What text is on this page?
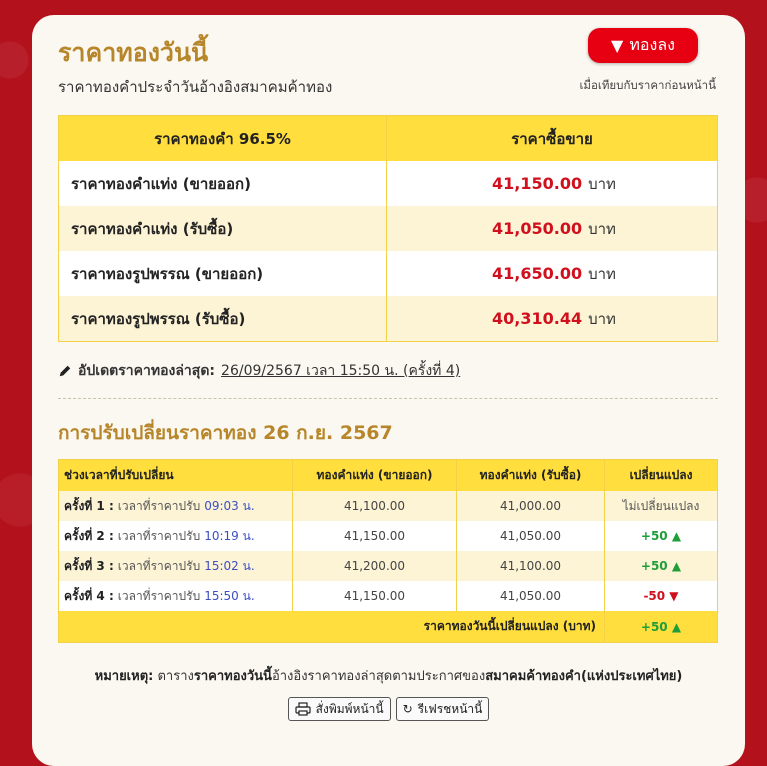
ราคาทองวันนี้

ราคาทองคำประจำวันอ้างอิงสมาคมค้าทอง

▼ ทองลง
เมื่อเทียบกับราคาก่อนหน้านี้
ราคาทองคำ 96.5%	ราคาซื้อขาย
ราคาทองคำแท่ง (ขายออก)	41,150.00 บาท
ราคาทองคำแท่ง (รับซื้อ)	41,050.00 บาท
ราคาทองรูปพรรณ (ขายออก)	41,650.00 บาท
ราคาทองรูปพรรณ (รับซื้อ)	40,310.44 บาท
อัปเดตราคาทองล่าสุด: 26/09/2567 เวลา 15:50 น. (ครั้งที่ 4)
การปรับเปลี่ยนราคาทอง 26 ก.ย. 2567
ช่วงเวลาที่ปรับเปลี่ยน	ทองคำแท่ง (ขายออก)	ทองคำแท่ง (รับซื้อ)	เปลี่ยนแปลง
ครั้งที่ 1 : เวลาที่ราคาปรับ 09:03 น.	41,100.00	41,000.00	ไม่เปลี่ยนแปลง
ครั้งที่ 2 : เวลาที่ราคาปรับ 10:19 น.	41,150.00	41,050.00	+50 ▲
ครั้งที่ 3 : เวลาที่ราคาปรับ 15:02 น.	41,200.00	41,100.00	+50 ▲
ครั้งที่ 4 : เวลาที่ราคาปรับ 15:50 น.	41,150.00	41,050.00	-50 ▼
ราคาทองวันนี้เปลี่ยนแปลง (บาท)	+50 ▲
หมายเหตุ: ตารางราคาทองวันนี้อ้างอิงราคาทองล่าสุดตามประกาศของสมาคมค้าทองคำ(แห่งประเทศไทย)
สั่งพิมพ์หน้านี้ ↻ รีเฟรชหน้านี้
